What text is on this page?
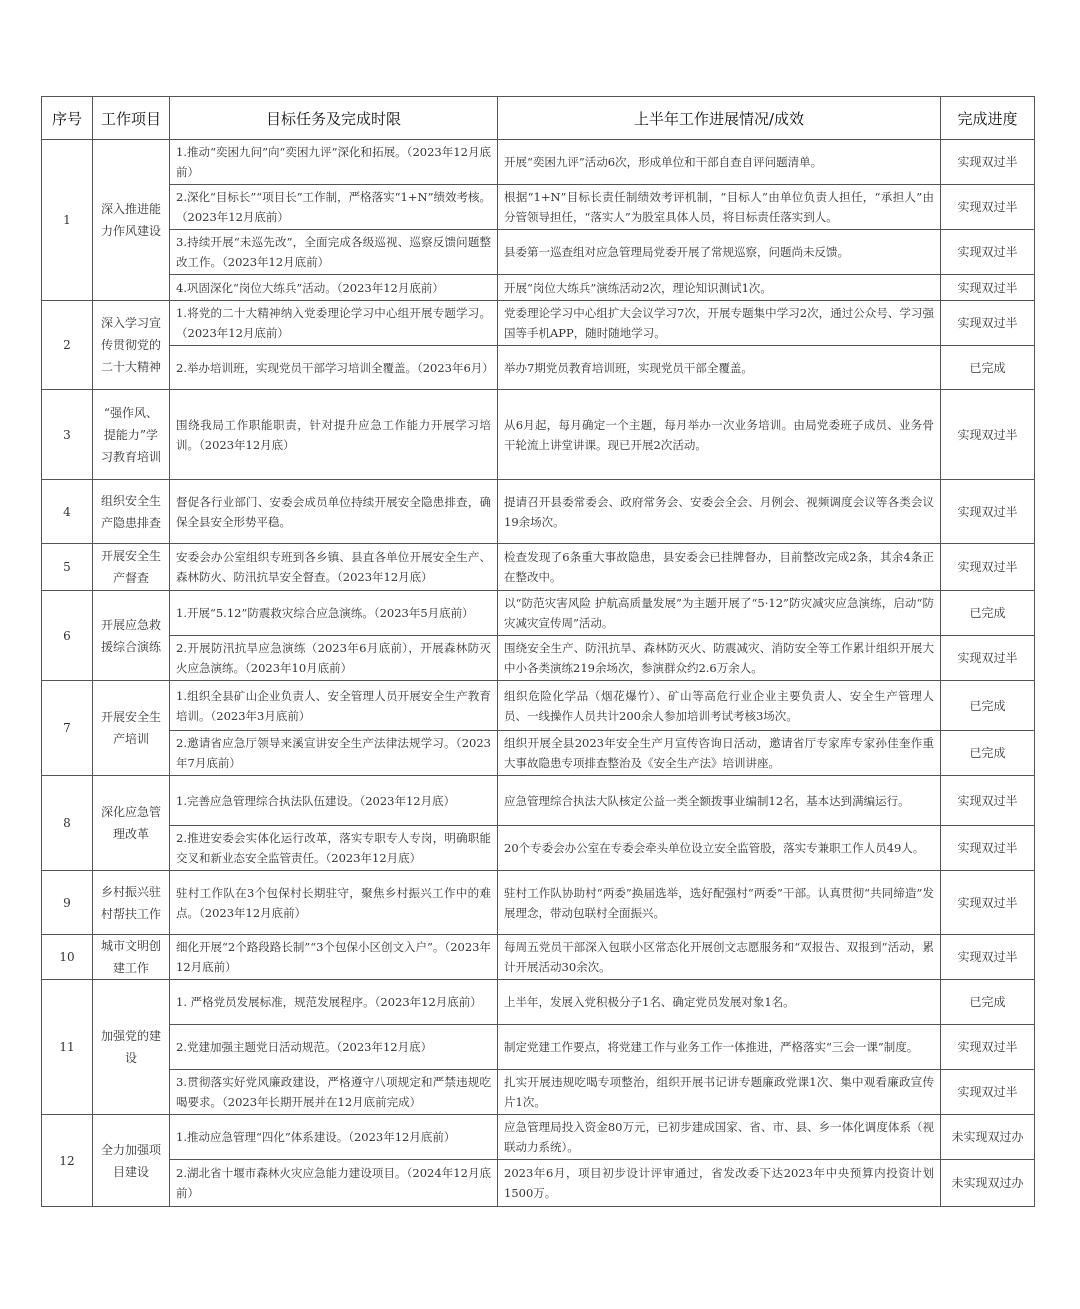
序号	工作项目	目标任务及完成时限	上半年工作进展情况/成效	完成进度
1	深入推进能力作风建设	1.推动“奕困九问”向“奕困九评”深化和拓展。（2023年12月底前）	开展“奕困九评”活动6次，形成单位和干部自查自评问题清单。	实现双过半
		2.深化“目标长”“项目长”工作制，严格落实“1+N”绩效考核。（2023年12月底前）	根据“1+N”目标长责任制绩效考评机制，“目标人”由单位负责人担任，“承担人”由分管领导担任，“落实人”为股室具体人员，将目标责任落实到人。	实现双过半
		3.持续开展“未巡先改”，全面完成各级巡视、巡察反馈问题整改工作。（2023年12月底前）	县委第一巡查组对应急管理局党委开展了常规巡察，问题尚未反馈。	实现双过半
		4.巩固深化“岗位大练兵”活动。（2023年12月底前）	开展“岗位大练兵”演练活动2次，理论知识测试1次。	实现双过半
2	深入学习宣传贯彻党的二十大精神	1.将党的二十大精神纳入党委理论学习中心组开展专题学习。（2023年12月底前）	党委理论学习中心组扩大会议学习7次，开展专题集中学习2次，通过公众号、学习强国等手机APP，随时随地学习。	实现双过半
		2.举办培训班，实现党员干部学习培训全覆盖。（2023年6月）	举办7期党员教育培训班，实现党员干部全覆盖。	已完成
3	“强作风、提能力”学习教育培训	围绕我局工作职能职责，针对提升应急工作能力开展学习培训。（2023年12月底）	从6月起，每月确定一个主题，每月举办一次业务培训。由局党委班子成员、业务骨干轮流上讲堂讲课。现已开展2次活动。	实现双过半
4	组织安全生产隐患排查	督促各行业部门、安委会成员单位持续开展安全隐患排查，确保全县安全形势平稳。	提请召开县委常委会、政府常务会、安委会全会、月例会、视频调度会议等各类会议19余场次。	实现双过半
5	开展安全生产督查	安委会办公室组织专班到各乡镇、县直各单位开展安全生产、森林防火、防汛抗旱安全督查。（2023年12月底）	检查发现了6条重大事故隐患，县安委会已挂牌督办，目前整改完成2条，其余4条正在整改中。	实现双过半
6	开展应急救援综合演练	1.开展“5.12”防震救灾综合应急演练。（2023年5月底前）	以“防范灾害风险 护航高质量发展”为主题开展了“5·12”防灾减灾应急演练，启动“防灾减灾宣传周”活动。	已完成
		2.开展防汛抗旱应急演练（2023年6月底前），开展森林防灭火应急演练。（2023年10月底前）	围绕安全生产、防汛抗旱、森林防灭火、防震减灾、消防安全等工作累计组织开展大中小各类演练219余场次，参演群众约2.6万余人。	实现双过半
7	开展安全生产培训	1.组织全县矿山企业负责人、安全管理人员开展安全生产教育培训。（2023年3月底前）	组织危险化学品（烟花爆竹）、矿山等高危行业企业主要负责人、安全生产管理人员、一线操作人员共计200余人参加培训考试考核3场次。	已完成
		2.邀请省应急厅领导来溪宣讲安全生产法律法规学习。（2023年7月底前）	组织开展全县2023年安全生产月宣传咨询日活动，邀请省厅专家库专家孙佳奎作重大事故隐患专项排查整治及《安全生产法》培训讲座。	已完成
8	深化应急管理改革	1.完善应急管理综合执法队伍建设。（2023年12月底）	应急管理综合执法大队核定公益一类全额拨事业编制12名，基本达到满编运行。	实现双过半
		2.推进安委会实体化运行改革，落实专职专人专岗，明确职能交叉和新业态安全监管责任。（2023年12月底）	20个专委会办公室在专委会牵头单位设立安全监管股，落实专兼职工作人员49人。	实现双过半
9	乡村振兴驻村帮扶工作	驻村工作队在3个包保村长期驻守，聚焦乡村振兴工作中的难点。（2023年12月底前）	驻村工作队协助村“两委”换届选举，选好配强村“两委”干部。认真贯彻“共同缔造”发展理念，带动包联村全面振兴。	实现双过半
10	城市文明创建工作	细化开展“2个路段路长制”“3个包保小区创文入户”。（2023年12月底前）	每周五党员干部深入包联小区常态化开展创文志愿服务和“双报告、双报到”活动，累计开展活动30余次。	实现双过半
11	加强党的建设	1. 严格党员发展标准，规范发展程序。（2023年12月底前）	上半年，发展入党积极分子1名、确定党员发展对象1名。	已完成
		2.党建加强主题党日活动规范。（2023年12月底）	制定党建工作要点，将党建工作与业务工作一体推进，严格落实“三会一课”制度。	实现双过半
		3.贯彻落实好党风廉政建设，严格遵守八项规定和严禁违规吃喝要求。（2023年长期开展并在12月底前完成）	扎实开展违规吃喝专项整治，组织开展书记讲专题廉政党课1次、集中观看廉政宣传片1次。	实现双过半
12	全力加强项目建设	1.推动应急管理“四化”体系建设。（2023年12月底前）	应急管理局投入资金80万元，已初步建成国家、省、市、县、乡一体化调度体系（视联动力系统）。	未实现双过办
		2.湖北省十堰市森林火灾应急能力建设项目。（2024年12月底前）	2023年6月，项目初步设计评审通过，省发改委下达2023年中央预算内投资计划1500万。	未实现双过办
